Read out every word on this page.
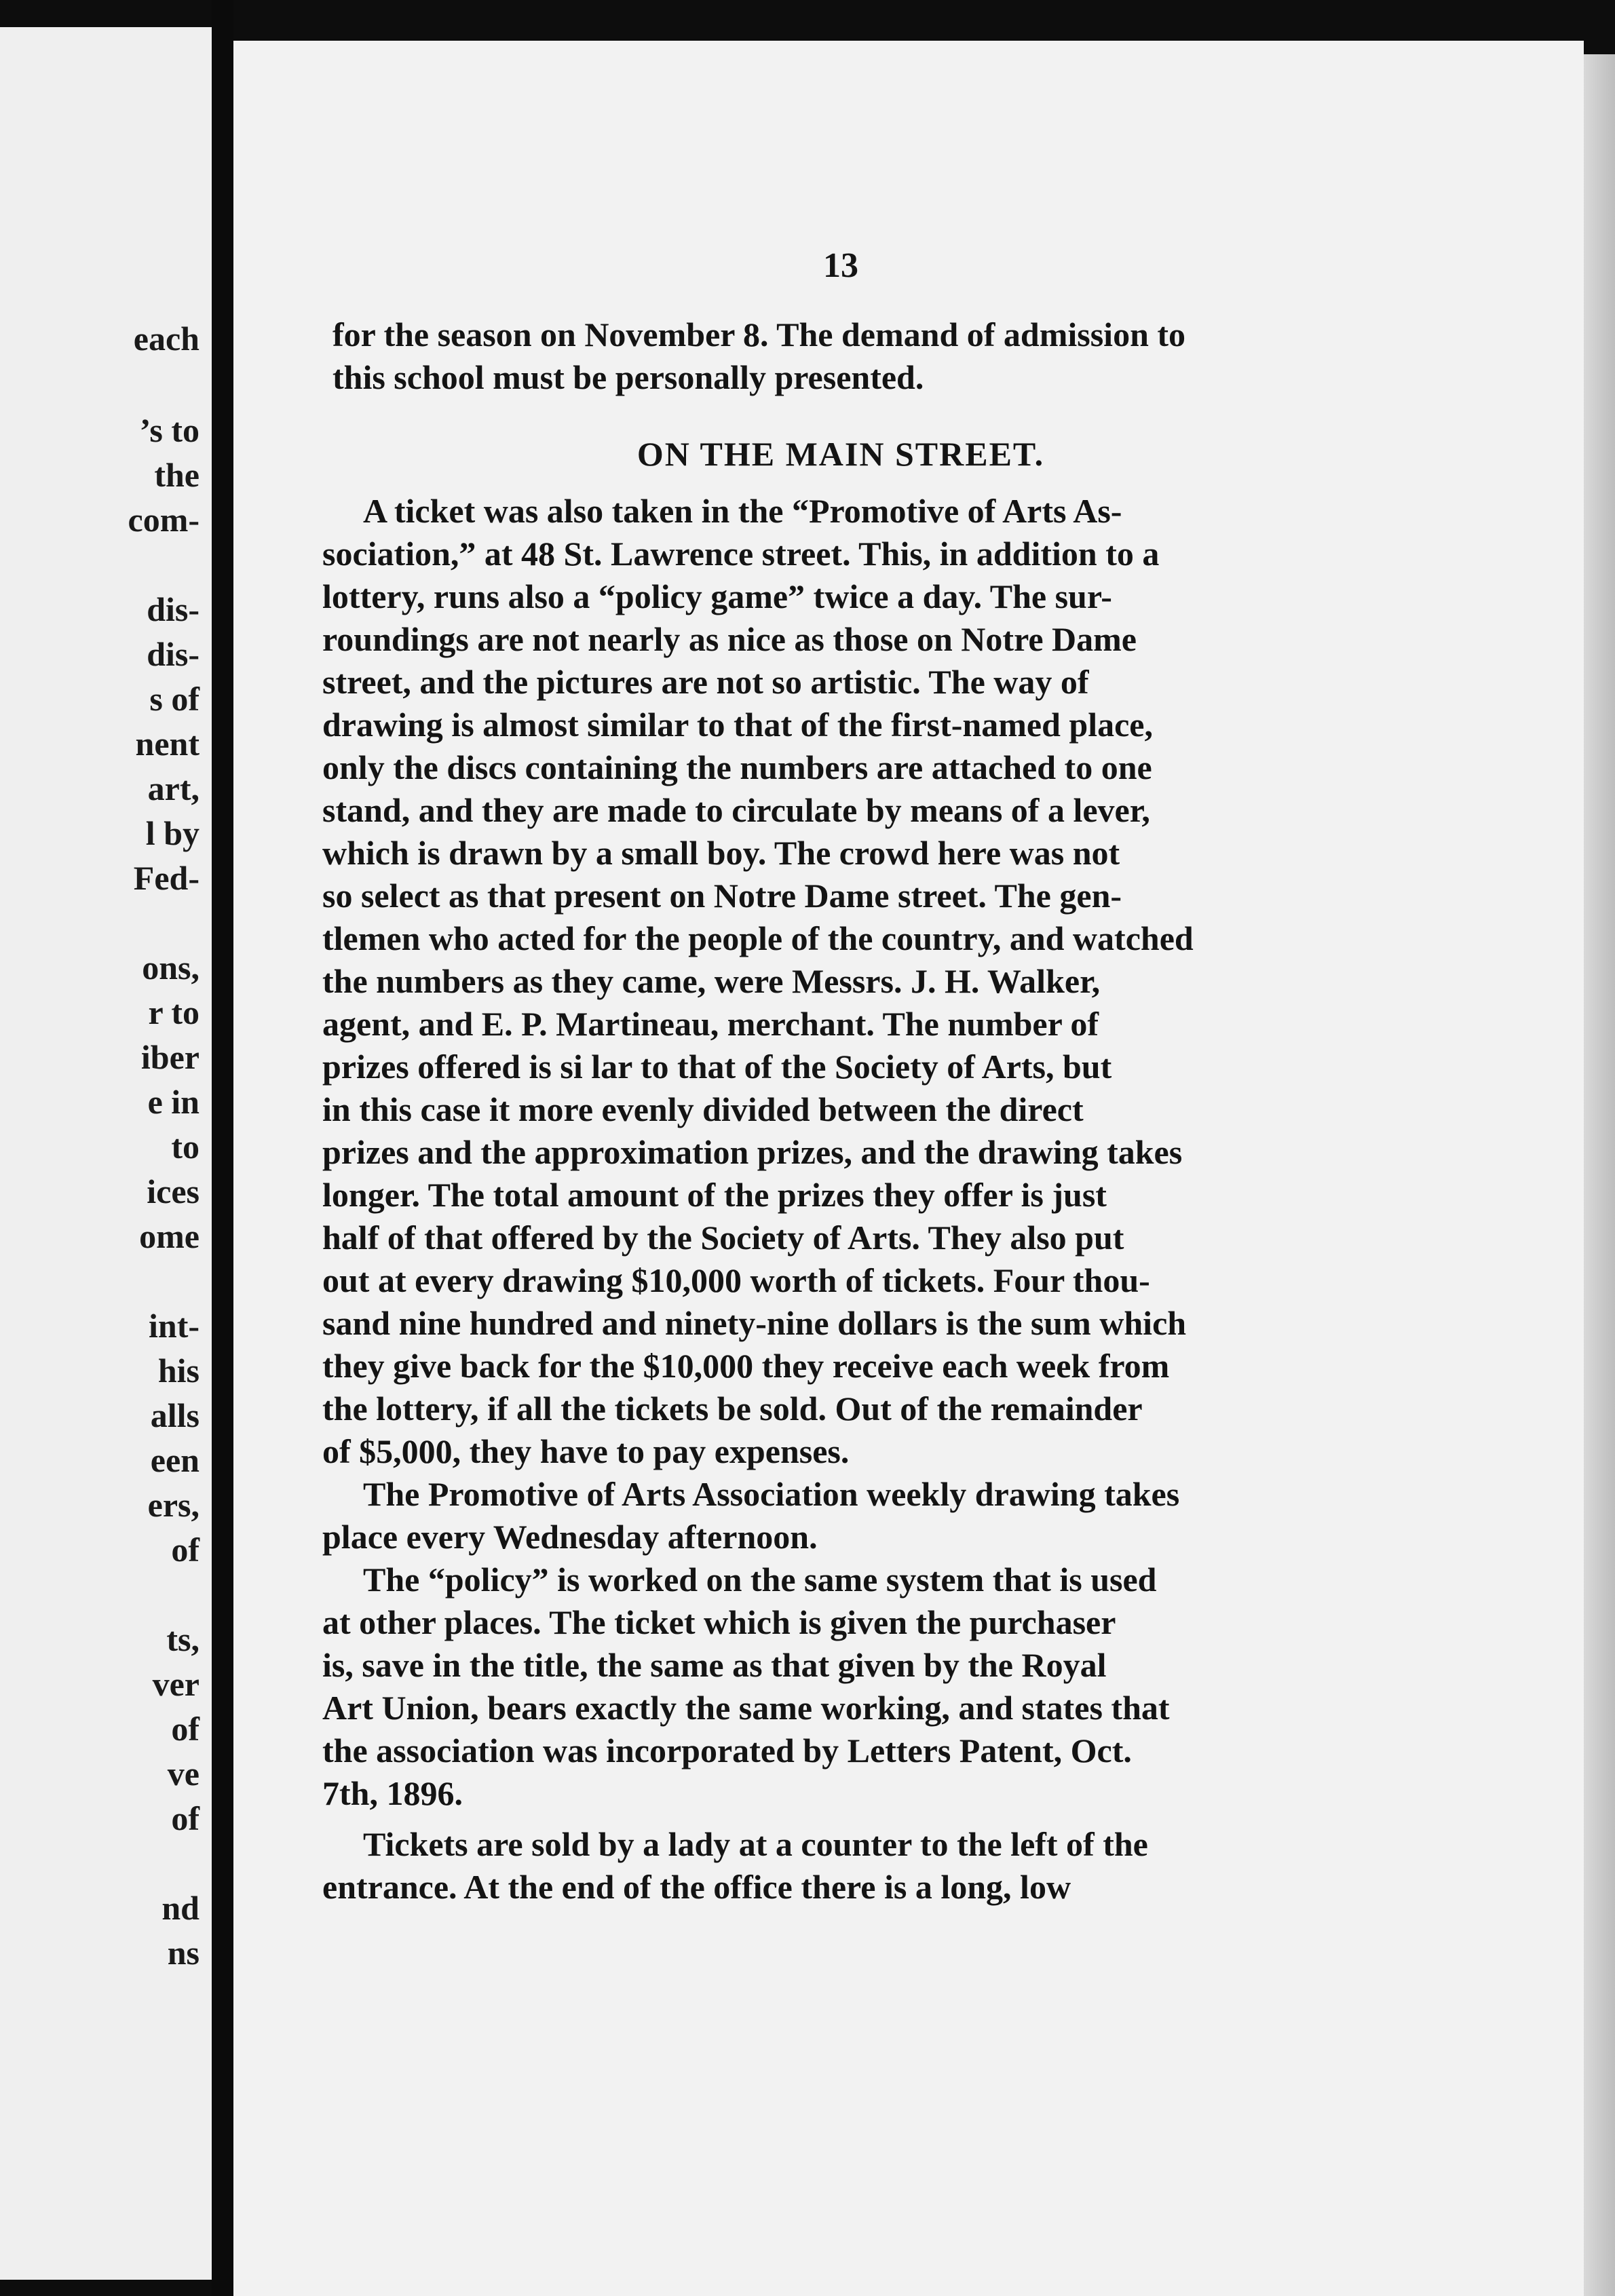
each

’s to

the

com-

dis-

dis-

s of

nent

art,

l by

Fed-

ons,

r to

iber

e in

to

ices

ome

int-

his

alls

een

ers,

of

ts,

ver

of

ve

of

nd

ns

13

for the season on November 8. The demand of admission to

this school must be personally presented.

ON THE MAIN STREET.

A ticket was also taken in the “Promotive of Arts As-

sociation,” at 48 St. Lawrence street. This, in addition to a

lottery, runs also a “policy game” twice a day. The sur-

roundings are not nearly as nice as those on Notre Dame

street, and the pictures are not so artistic. The way of

drawing is almost similar to that of the first-named place,

only the discs containing the numbers are attached to one

stand, and they are made to circulate by means of a lever,

which is drawn by a small boy. The crowd here was not

so select as that present on Notre Dame street. The gen-

tlemen who acted for the people of the country, and watched

the numbers as they came, were Messrs. J. H. Walker,

agent, and E. P. Martineau, merchant. The number of

prizes offered is si lar to that of the Society of Arts, but

in this case it more evenly divided between the direct

prizes and the approximation prizes, and the drawing takes

longer. The total amount of the prizes they offer is just

half of that offered by the Society of Arts. They also put

out at every drawing $10,000 worth of tickets. Four thou-

sand nine hundred and ninety-nine dollars is the sum which

they give back for the $10,000 they receive each week from

the lottery, if all the tickets be sold. Out of the remainder

of $5,000, they have to pay expenses.

The Promotive of Arts Association weekly drawing takes

place every Wednesday afternoon.

The “policy” is worked on the same system that is used

at other places. The ticket which is given the purchaser

is, save in the title, the same as that given by the Royal

Art Union, bears exactly the same working, and states that

the association was incorporated by Letters Patent, Oct.

7th, 1896.

Tickets are sold by a lady at a counter to the left of the

entrance. At the end of the office there is a long, low
